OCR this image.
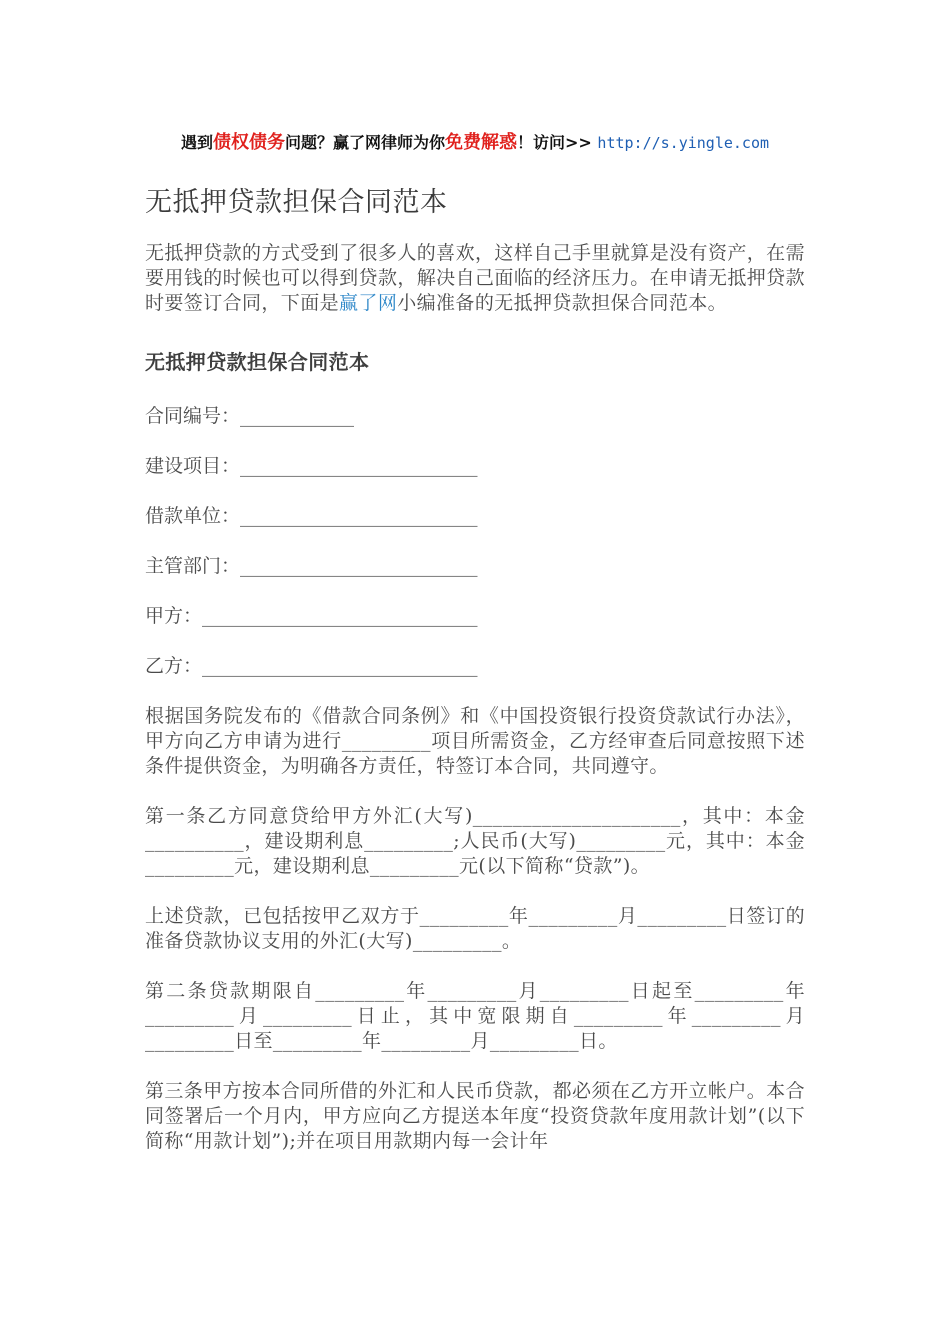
遇到债权债务问题？赢了网律师为你免费解惑！访问>> http://s.yingle.com
无抵押贷款担保合同范本

无抵押贷款的方式受到了很多人的喜欢，这样自己手里就算是没有资产，在需要用钱的时候也可以得到贷款，解决自己面临的经济压力。在申请无抵押贷款时要签订合同，下面是赢了网小编准备的无抵押贷款担保合同范本。

无抵押贷款担保合同范本
合同编号：____________
建设项目：_________________________
借款单位：_________________________
主管部门：_________________________
甲方：_____________________________
乙方：_____________________________

根据国务院发布的《借款合同条例》和《中国投资银行投资贷款试行办法》，甲方向乙方申请为进行_________项目所需资金，乙方经审查后同意按照下述条件提供资金，为明确各方责任，特签订本合同，共同遵守。

第一条乙方同意贷给甲方外汇(大写)_____________________，其中：本金__________，建设期利息_________;人民币(大写)_________元，其中：本金_________元，建设期利息_________元(以下简称“贷款”)。

上述贷款，已包括按甲乙双方于_________年_________月_________日签订的准备贷款协议支用的外汇(大写)_________。

第二条贷款期限自_________年_________月_________日起至_________年_________月_________日止，其中宽限期自_________年_________月_________日至_________年_________月_________日。

第三条甲方按本合同所借的外汇和人民币贷款，都必须在乙方开立帐户。本合同签署后一个月内，甲方应向乙方提送本年度“投资贷款年度用款计划”(以下简称“用款计划”);并在项目用款期内每一会计年
